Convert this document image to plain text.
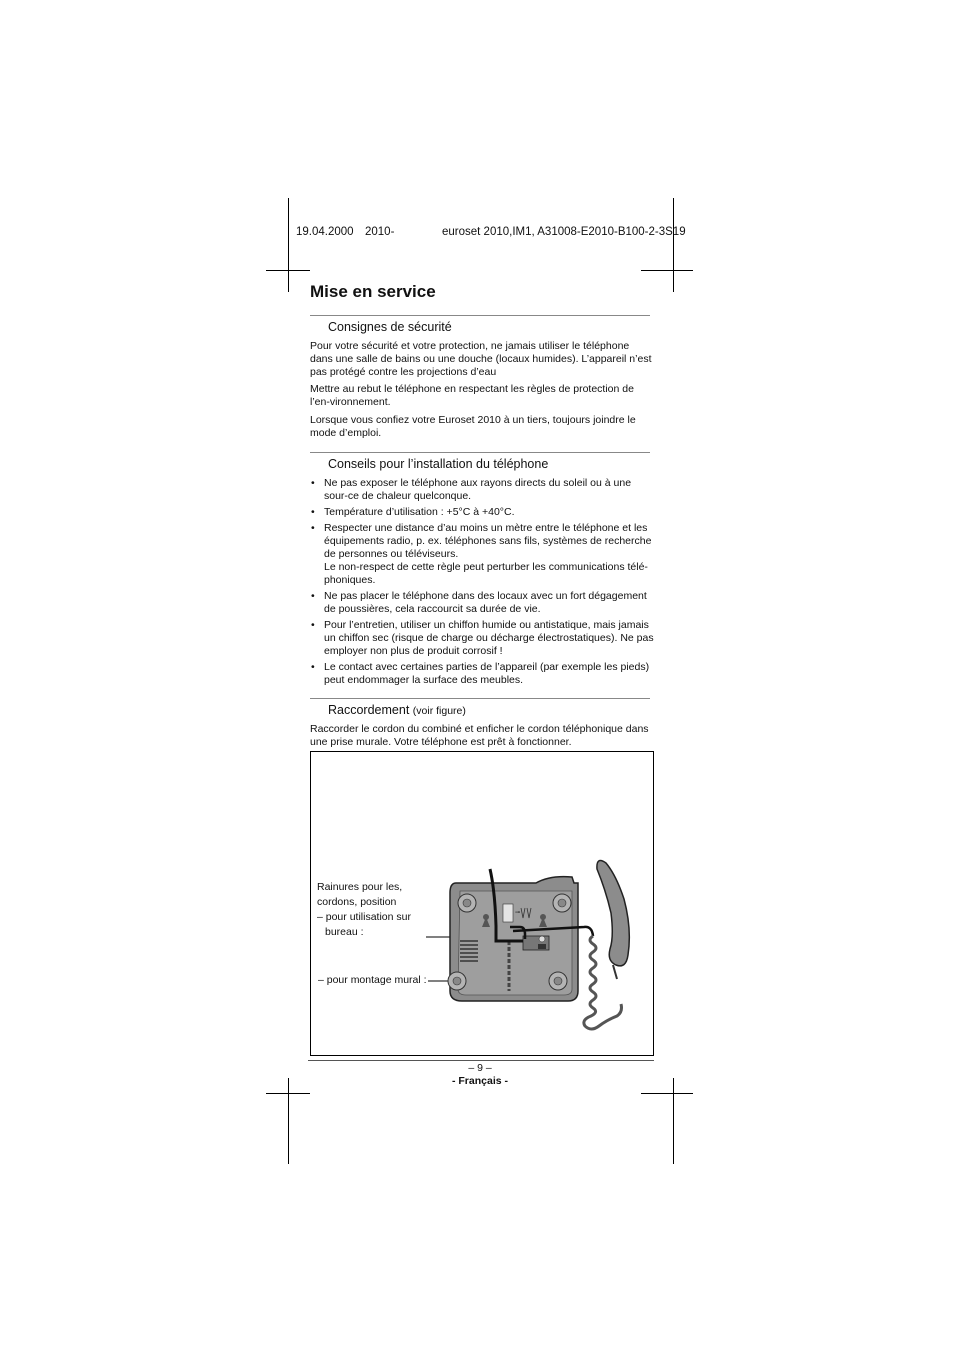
19.04.2000 2010-	euroset 2010,IM1, A31008-E2010-B100-2-3S19
Mise en service
Consignes de sécurité

Pour votre sécurité et votre protection, ne jamais utiliser le téléphone dans une salle de bains ou une douche (locaux humides). L’appareil n’est pas protégé contre les projections d’eau

Mettre au rebut le téléphone en respectant les règles de protection de l’en-vironnement.

Lorsque vous confiez votre Euroset 2010 à un tiers, toujours joindre le mode d’emploi.

Conseils pour l’installation du téléphone
• Ne pas exposer le téléphone aux rayons directs du soleil ou à une sour-ce de chaleur quelconque.
• Température d’utilisation : +5°C à +40°C.
• Respecter une distance d’au moins un mètre entre le téléphone et les équipements radio, p. ex. téléphones sans fils, systèmes de recherche de personnes ou téléviseurs.
Le non-respect de cette règle peut perturber les communications télé-phoniques.
• Ne pas placer le téléphone dans des locaux avec un fort dégagement de poussières, cela raccourcit sa durée de vie.
• Pour l’entretien, utiliser un chiffon humide ou antistatique, mais jamais un chiffon sec (risque de charge ou décharge électrostatiques). Ne pas employer non plus de produit corrosif !
• Le contact avec certaines parties de l’appareil (par exemple les pieds) peut endommager la surface des meubles.
Raccordement (voir figure)

Raccorder le cordon du combiné et enficher le cordon téléphonique dans une prise murale. Votre téléphone est prêt à fonctionner.

Rainures pour les,
cordons, position
– pour utilisation sur
bureau :
– pour montage mural :
⊸
– 9 –
- Français -
